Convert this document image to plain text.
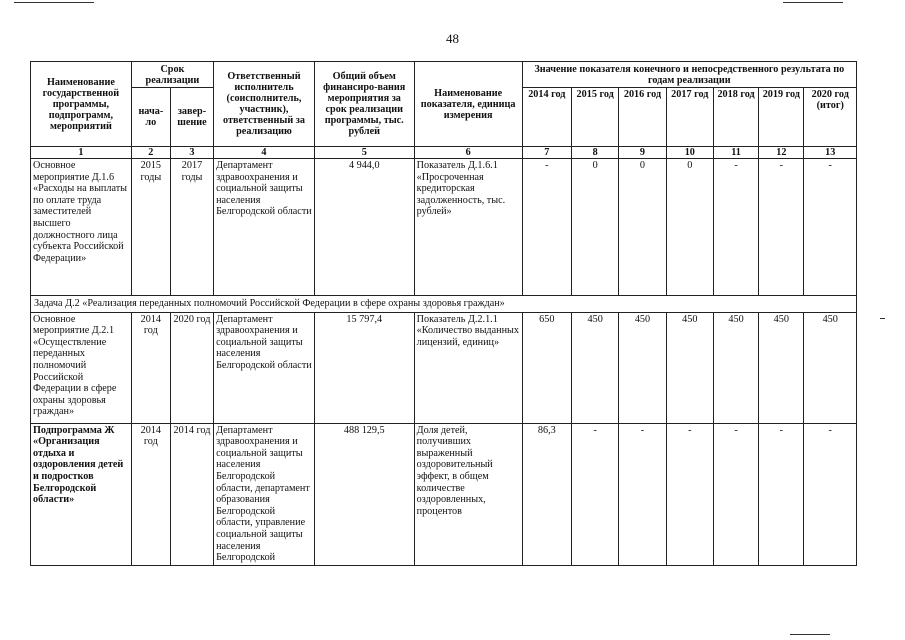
48
Наименование государственной программы, подпрограмм, мероприятий	Срок реализации		Ответственный исполнитель (соисполнитель, участник), ответственный за реализацию	Общий объем финансиро-вания мероприятия за срок реализации программы, тыс. рублей	Наименование показателя, единица измерения	Значение показателя конечного и непосредственного результата по годам реализации						
	нача-ло	завер-шение				2014 год	2015 год	2016 год	2017 год	2018 год	2019 год	2020 год (итог)
1	2	3	4	5	6	7	8	9	10	11	12	13
Основное мероприятие Д.1.6 «Расходы на выплаты по оплате труда заместителей высшего должностного лица субъекта Российской Федерации»	2015 годы	2017 годы	Департамент здравоохранения и социальной защиты населения Белгородской области	4 944,0	Показатель Д.1.6.1 «Просроченная кредиторская задолженность, тыс. рублей»	-	0	0	0	-	-	-
Задача Д.2 «Реализация переданных полномочий Российской Федерации в сфере охраны здоровья граждан»												
Основное мероприятие Д.2.1 «Осуществление переданных полномочий Российской Федерации в сфере охраны здоровья граждан»	2014 год	2020 год	Департамент здравоохранения и социальной защиты населения Белгородской области	15 797,4	Показатель Д.2.1.1 «Количество выданных лицензий, единиц»	650	450	450	450	450	450	450
Подпрограмма Ж «Организация отдыха и оздоровления детей и подростков Белгородской области»	2014 год	2014 год	Департамент здравоохранения и социальной защиты населения Белгородской области, департамент образования Белгородской области, управление социальной защиты населения Белгородской	488 129,5	Доля детей, получивших выраженный оздоровительный эффект, в общем количестве оздоровленных, процентов	86,3	-	-	-	-	-	-
